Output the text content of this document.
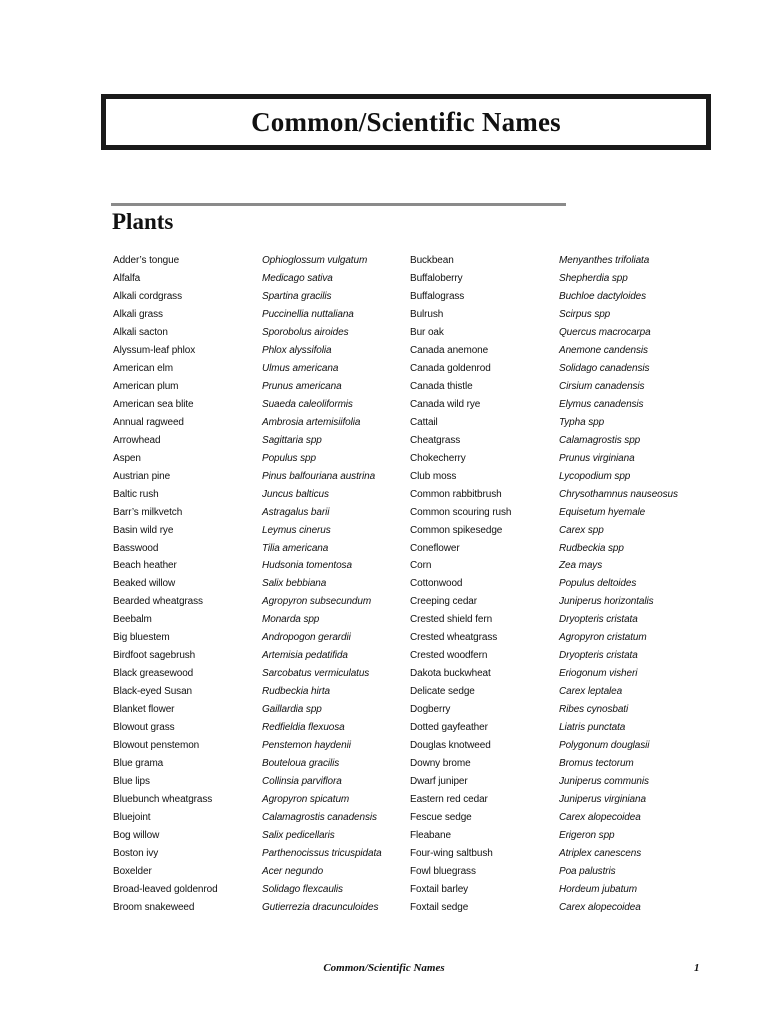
Common/Scientific Names
Plants
Adder’s tongue
Alfalfa
Alkali cordgrass
Alkali grass
Alkali sacton
Alyssum-leaf phlox
American elm
American plum
American sea blite
Annual ragweed
Arrowhead
Aspen
Austrian pine
Baltic rush
Barr’s milkvetch
Basin wild rye
Basswood
Beach heather
Beaked willow
Bearded wheatgrass
Beebalm
Big bluestem
Birdfoot sagebrush
Black greasewood
Black-eyed Susan
Blanket flower
Blowout grass
Blowout penstemon
Blue grama
Blue lips
Bluebunch wheatgrass
Bluejoint
Bog willow
Boston ivy
Boxelder
Broad-leaved goldenrod
Broom snakeweed
Ophioglossum vulgatum
Medicago sativa
Spartina gracilis
Puccinellia nuttaliana
Sporobolus airoides
Phlox alyssifolia
Ulmus americana
Prunus americana
Suaeda caleoliformis
Ambrosia artemisiifolia
Sagittaria spp
Populus spp
Pinus balfouriana austrina
Juncus balticus
Astragalus barii
Leymus cinerus
Tilia americana
Hudsonia tomentosa
Salix bebbiana
Agropyron subsecundum
Monarda spp
Andropogon gerardii
Artemisia pedatifida
Sarcobatus vermiculatus
Rudbeckia hirta
Gaillardia spp
Redfieldia flexuosa
Penstemon haydenii
Bouteloua gracilis
Collinsia parviflora
Agropyron spicatum
Calamagrostis canadensis
Salix pedicellaris
Parthenocissus tricuspidata
Acer negundo
Solidago flexcaulis
Gutierrezia dracunculoides
Buckbean
Buffaloberry
Buffalograss
Bulrush
Bur oak
Canada anemone
Canada goldenrod
Canada thistle
Canada wild rye
Cattail
Cheatgrass
Chokecherry
Club moss
Common rabbitbrush
Common scouring rush
Common spikesedge
Coneflower
Corn
Cottonwood
Creeping cedar
Crested shield fern
Crested wheatgrass
Crested woodfern
Dakota buckwheat
Delicate sedge
Dogberry
Dotted gayfeather
Douglas knotweed
Downy brome
Dwarf juniper
Eastern red cedar
Fescue sedge
Fleabane
Four-wing saltbush
Fowl bluegrass
Foxtail barley
Foxtail sedge
Menyanthes trifoliata
Shepherdia spp
Buchloe dactyloides
Scirpus spp
Quercus macrocarpa
Anemone candensis
Solidago canadensis
Cirsium canadensis
Elymus canadensis
Typha spp
Calamagrostis spp
Prunus virginiana
Lycopodium spp
Chrysothamnus nauseosus
Equisetum hyemale
Carex spp
Rudbeckia spp
Zea mays
Populus deltoides
Juniperus horizontalis
Dryopteris cristata
Agropyron cristatum
Dryopteris cristata
Eriogonum visheri
Carex leptalea
Ribes cynosbati
Liatris punctata
Polygonum douglasii
Bromus tectorum
Juniperus communis
Juniperus virginiana
Carex alopecoidea
Erigeron spp
Atriplex canescens
Poa palustris
Hordeum jubatum
Carex alopecoidea
Common/Scientific Names	1
